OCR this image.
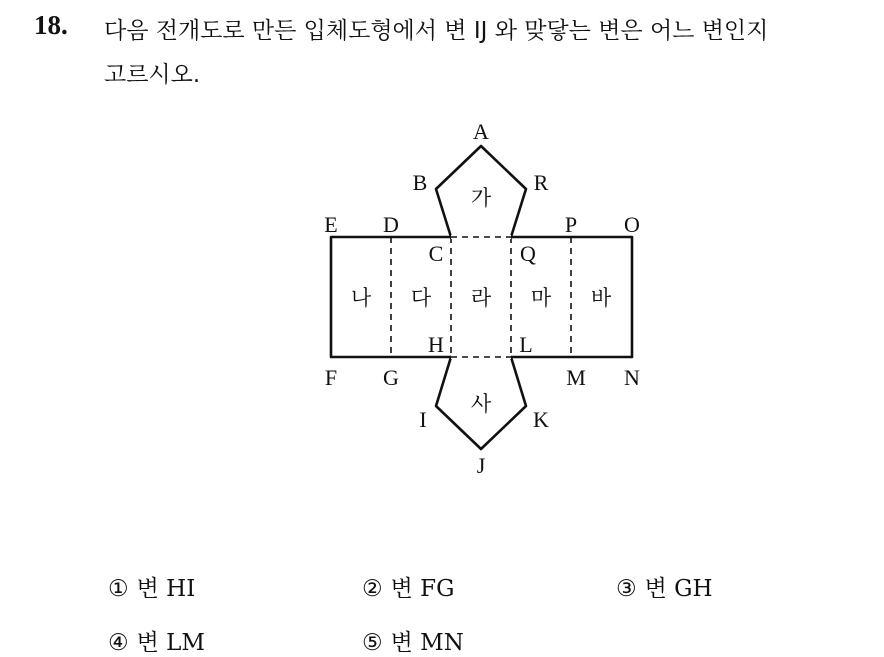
18. 다음 전개도로 만든 입체도형에서 변 IJ 와 맞닿는 변은 어느 변인지
고르시오.
A
B	R
E D	P O
C	Q
H	L
F G	M N
I	K
J
가
나 다 라 마 바
사
① 변 HI	② 변 FG	③ 변 GH
④ 변 LM	⑤ 변 MN
